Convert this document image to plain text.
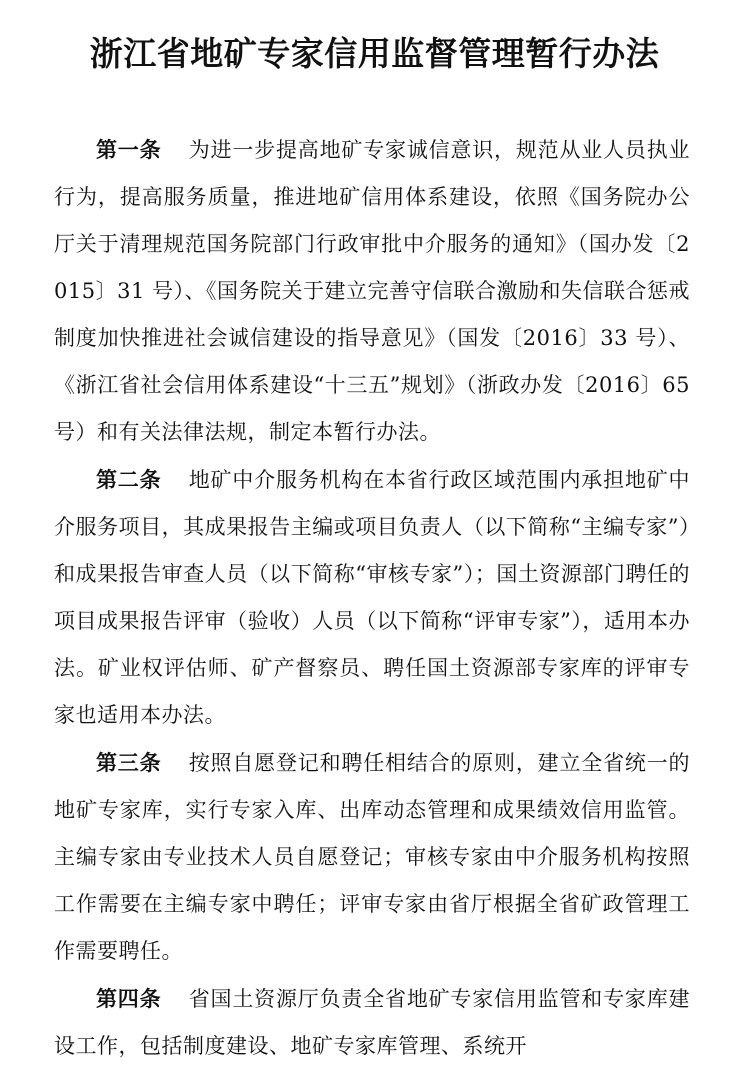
浙江省地矿专家信用监督管理暂行办法

第一条 为进一步提高地矿专家诚信意识，规范从业人员执业行为，提高服务质量，推进地矿信用体系建设，依照《国务院办公厅关于清理规范国务院部门行政审批中介服务的通知》（国办发〔2015〕31 号）、《国务院关于建立完善守信联合激励和失信联合惩戒制度加快推进社会诚信建设的指导意见》（国发〔2016〕33 号）、《浙江省社会信用体系建设“十三五”规划》（浙政办发〔2016〕65 号）和有关法律法规，制定本暂行办法。

第二条 地矿中介服务机构在本省行政区域范围内承担地矿中介服务项目，其成果报告主编或项目负责人（以下简称“主编专家”）和成果报告审查人员（以下简称“审核专家”）；国土资源部门聘任的项目成果报告评审（验收）人员（以下简称“评审专家”），适用本办法。矿业权评估师、矿产督察员、聘任国土资源部专家库的评审专家也适用本办法。

第三条 按照自愿登记和聘任相结合的原则，建立全省统一的地矿专家库，实行专家入库、出库动态管理和成果绩效信用监管。主编专家由专业技术人员自愿登记；审核专家由中介服务机构按照工作需要在主编专家中聘任；评审专家由省厅根据全省矿政管理工作需要聘任。

第四条 省国土资源厅负责全省地矿专家信用监管和专家库建设工作，包括制度建设、地矿专家库管理、系统开
